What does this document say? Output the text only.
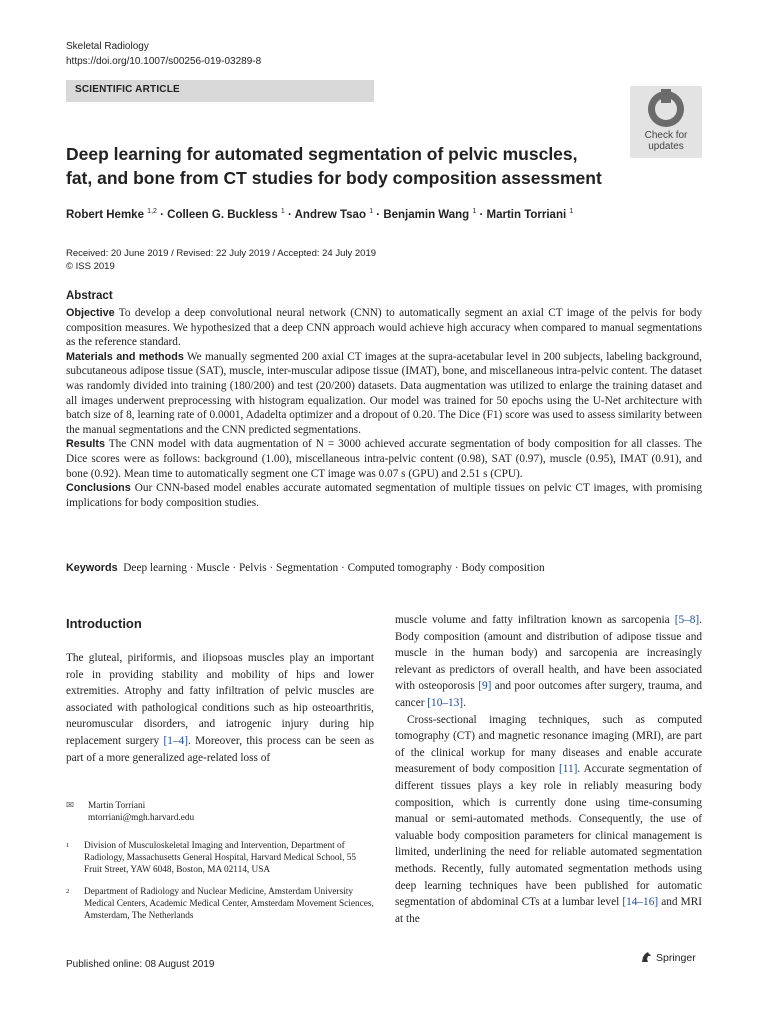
Skeletal Radiology
https://doi.org/10.1007/s00256-019-03289-8
SCIENTIFIC ARTICLE
Check for
updates
Deep learning for automated segmentation of pelvic muscles, fat, and bone from CT studies for body composition assessment
Robert Hemke $^{1,2}$ · Colleen G. Buckless $^1$ · Andrew Tsao $^1$ · Benjamin Wang $^1$ · Martin Torriani $^1$
Received: 20 June 2019 / Revised: 22 July 2019 / Accepted: 24 July 2019
© ISS 2019
Abstract

Objective To develop a deep convolutional neural network (CNN) to automatically segment an axial CT image of the pelvis for body composition measures. We hypothesized that a deep CNN approach would achieve high accuracy when compared to manual segmentations as the reference standard.

Materials and methods We manually segmented 200 axial CT images at the supra-acetabular level in 200 subjects, labeling background, subcutaneous adipose tissue (SAT), muscle, inter-muscular adipose tissue (IMAT), bone, and miscellaneous intra-pelvic content. The dataset was randomly divided into training (180/200) and test (20/200) datasets. Data augmentation was utilized to enlarge the training dataset and all images underwent preprocessing with histogram equalization. Our model was trained for 50 epochs using the U-Net architecture with batch size of 8, learning rate of 0.0001, Adadelta optimizer and a dropout of 0.20. The Dice (F1) score was used to assess similarity between the manual segmentations and the CNN predicted segmentations.

Results The CNN model with data augmentation of N = 3000 achieved accurate segmentation of body composition for all classes. The Dice scores were as follows: background (1.00), miscellaneous intra-pelvic content (0.98), SAT (0.97), muscle (0.95), IMAT (0.91), and bone (0.92). Mean time to automatically segment one CT image was 0.07 s (GPU) and 2.51 s (CPU).

Conclusions Our CNN-based model enables accurate automated segmentation of multiple tissues on pelvic CT images, with promising implications for body composition studies.

Keywords Deep learning · Muscle · Pelvis · Segmentation · Computed tomography · Body composition
Introduction

The gluteal, piriformis, and iliopsoas muscles play an important role in providing stability and mobility of hips and lower extremities. Atrophy and fatty infiltration of pelvic muscles are associated with pathological conditions such as hip osteoarthritis, neuromuscular disorders, and iatrogenic injury during hip replacement surgery [1–4]. Moreover, this process can be seen as part of a more generalized age-related loss of

✉ Martin Torriani
mtorriani@mgh.harvard.edu
1 Division of Musculoskeletal Imaging and Intervention, Department of Radiology, Massachusetts General Hospital, Harvard Medical School, 55 Fruit Street, YAW 6048, Boston, MA 02114, USA
2 Department of Radiology and Nuclear Medicine, Amsterdam University Medical Centers, Academic Medical Center, Amsterdam Movement Sciences, Amsterdam, The Netherlands

muscle volume and fatty infiltration known as sarcopenia [5–8]. Body composition (amount and distribution of adipose tissue and muscle in the human body) and sarcopenia are increasingly relevant as predictors of overall health, and have been associated with osteoporosis [9] and poor outcomes after surgery, trauma, and cancer [10–13].

Cross-sectional imaging techniques, such as computed tomography (CT) and magnetic resonance imaging (MRI), are part of the clinical workup for many diseases and enable accurate measurement of body composition [11]. Accurate segmentation of different tissues plays a key role in reliably measuring body composition, which is currently done using time-consuming manual or semi-automated methods. Consequently, the use of valuable body composition parameters for clinical management is limited, underlining the need for reliable automated segmentation methods. Recently, fully automated segmentation methods using deep learning techniques have been published for automatic segmentation of abdominal CTs at a lumbar level [14–16] and MRI at the

Published online: 08 August 2019
Springer
